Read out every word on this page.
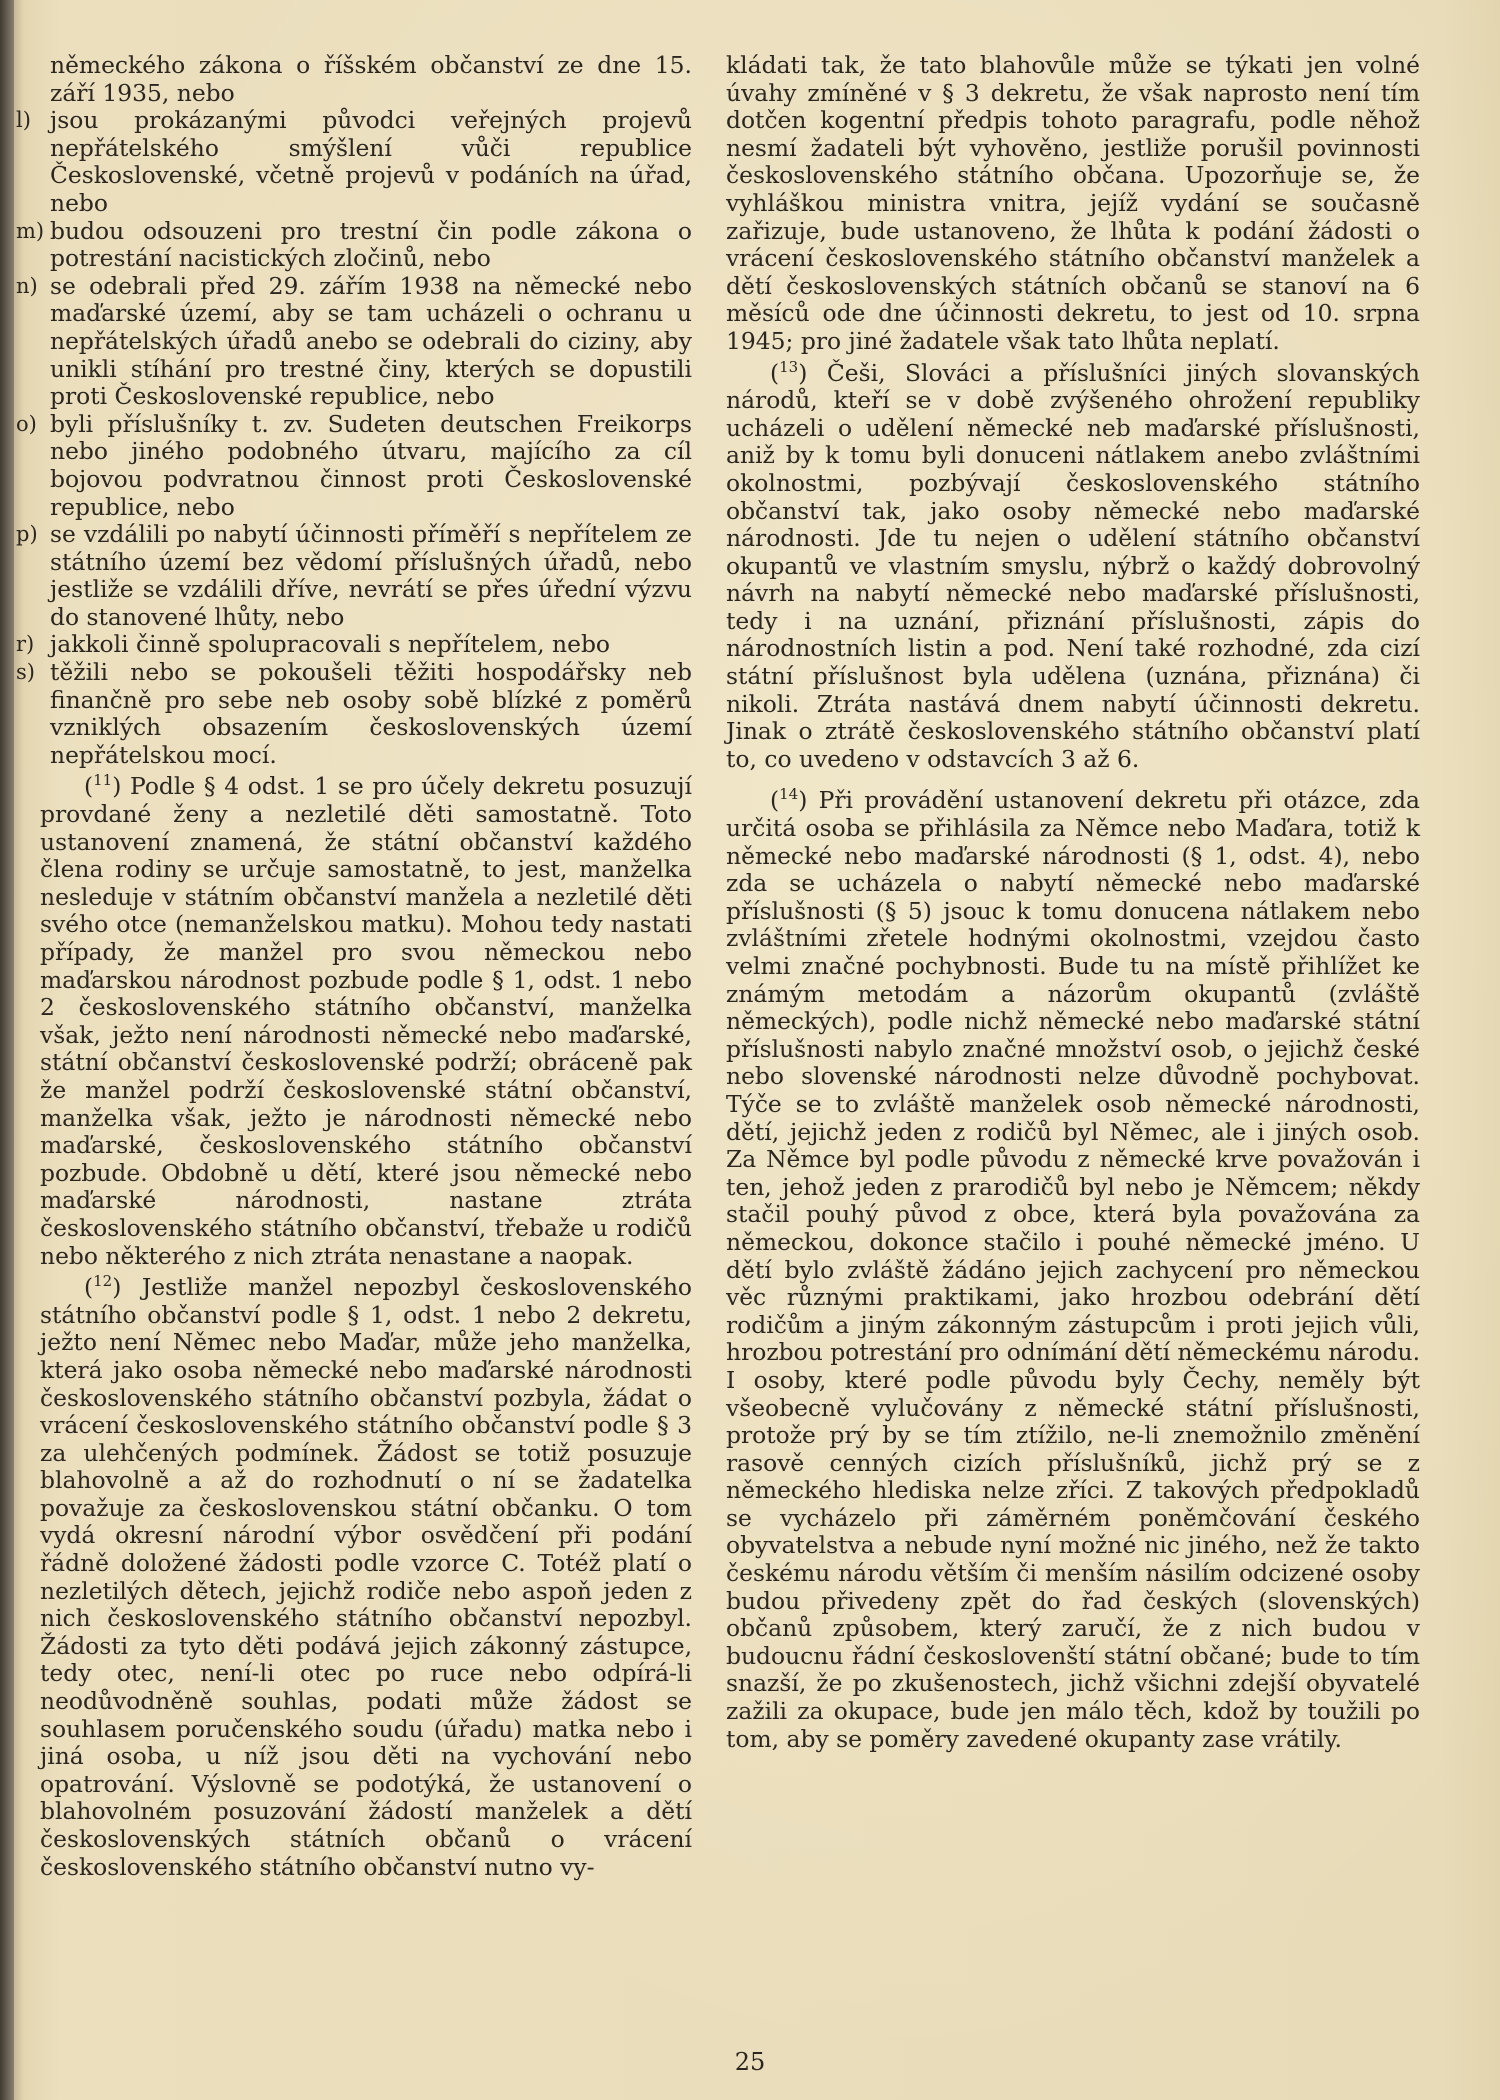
německého zákona o říšském občanství ze dne 15. září 1935, nebo

l) jsou prokázanými původci veřejných projevů nepřátelského smýšlení vůči republice Československé, včetně projevů v podáních na úřad, nebo
m) budou odsouzeni pro trestní čin podle zákona o potrestání nacistických zločinů, nebo
n) se odebrali před 29. zářím 1938 na německé nebo maďarské území, aby se tam ucházeli o ochranu u nepřátelských úřadů anebo se odebrali do ciziny, aby unikli stíhání pro trestné činy, kterých se dopustili proti Československé republice, nebo
o) byli příslušníky t. zv. Sudeten deutschen Freikorps nebo jiného podobného útvaru, majícího za cíl bojovou podvratnou činnost proti Československé republice, nebo
p) se vzdálili po nabytí účinnosti příměří s nepřítelem ze státního území bez vědomí příslušných úřadů, nebo jestliže se vzdálili dříve, nevrátí se přes úřední výzvu do stanovené lhůty, nebo
r) jakkoli činně spolupracovali s nepřítelem, nebo
s) těžili nebo se pokoušeli těžiti hospodářsky neb finančně pro sebe neb osoby sobě blízké z poměrů vzniklých obsazením československých území nepřátelskou mocí.

($^{11}$) Podle § 4 odst. 1 se pro účely dekretu posuzují provdané ženy a nezletilé děti samostatně. Toto ustanovení znamená, že státní občanství každého člena rodiny se určuje samostatně, to jest, manželka nesleduje v státním občanství manžela a nezletilé děti svého otce (nemanželskou matku). Mohou tedy nastati případy, že manžel pro svou německou nebo maďarskou národnost pozbude podle § 1, odst. 1 nebo 2 československého státního občanství, manželka však, ježto není národnosti německé nebo maďarské, státní občanství československé podrží; obráceně pak že manžel podrží československé státní občanství, manželka však, ježto je národnosti německé nebo maďarské, československého státního občanství pozbude. Obdobně u dětí, které jsou německé nebo maďarské národnosti, nastane ztráta československého státního občanství, třebaže u rodičů nebo některého z nich ztráta nenastane a naopak.

($^{12}$) Jestliže manžel nepozbyl československého státního občanství podle § 1, odst. 1 nebo 2 dekretu, ježto není Němec nebo Maďar, může jeho manželka, která jako osoba německé nebo maďarské národnosti československého státního občanství pozbyla, žádat o vrácení československého státního občanství podle § 3 za ulehčených podmínek. Žádost se totiž posuzuje blahovolně a až do rozhodnutí o ní se žadatelka považuje za československou státní občanku. O tom vydá okresní národní výbor osvědčení při podání řádně doložené žádosti podle vzorce C. Totéž platí o nezletilých dětech, jejichž rodiče nebo aspoň jeden z nich československého státního občanství nepozbyl. Žádosti za tyto děti podává jejich zákonný zástupce, tedy otec, není-li otec po ruce nebo odpírá-li neodůvodněně souhlas, podati může žádost se souhlasem poručenského soudu (úřadu) matka nebo i jiná osoba, u níž jsou děti na vychování nebo opatrování. Výslovně se podotýká, že ustanovení o blahovolném posuzování žádostí manželek a dětí československých státních občanů o vrácení československého státního občanství nutno vy-

kládati tak, že tato blahovůle může se týkati jen volné úvahy zmíněné v § 3 dekretu, že však naprosto není tím dotčen kogentní předpis tohoto paragrafu, podle něhož nesmí žadateli být vyhověno, jestliže porušil povinnosti československého státního občana. Upozorňuje se, že vyhláškou ministra vnitra, jejíž vydání se současně zařizuje, bude ustanoveno, že lhůta k podání žádosti o vrácení československého státního občanství manželek a dětí československých státních občanů se stanoví na 6 měsíců ode dne účinnosti dekretu, to jest od 10. srpna 1945; pro jiné žadatele však tato lhůta neplatí.

($^{13}$) Češi, Slováci a příslušníci jiných slovanských národů, kteří se v době zvýšeného ohrožení republiky ucházeli o udělení německé neb maďarské příslušnosti, aniž by k tomu byli donuceni nátlakem anebo zvláštními okolnostmi, pozbývají československého státního občanství tak, jako osoby německé nebo maďarské národnosti. Jde tu nejen o udělení státního občanství okupantů ve vlastním smyslu, nýbrž o každý dobrovolný návrh na nabytí německé nebo maďarské příslušnosti, tedy i na uznání, přiznání příslušnosti, zápis do národnostních listin a pod. Není také rozhodné, zda cizí státní příslušnost byla udělena (uznána, přiznána) či nikoli. Ztráta nastává dnem nabytí účinnosti dekretu. Jinak o ztrátě československého státního občanství platí to, co uvedeno v odstavcích 3 až 6.

($^{14}$) Při provádění ustanovení dekretu při otázce, zda určitá osoba se přihlásila za Němce nebo Maďara, totiž k německé nebo maďarské národnosti (§ 1, odst. 4), nebo zda se ucházela o nabytí německé nebo maďarské příslušnosti (§ 5) jsouc k tomu donucena nátlakem nebo zvláštními zřetele hodnými okolnostmi, vzejdou často velmi značné pochybnosti. Bude tu na místě přihlížet ke známým metodám a názorům okupantů (zvláště německých), podle nichž německé nebo maďarské státní příslušnosti nabylo značné množství osob, o jejichž české nebo slovenské národnosti nelze důvodně pochybovat. Týče se to zvláště manželek osob německé národnosti, dětí, jejichž jeden z rodičů byl Němec, ale i jiných osob. Za Němce byl podle původu z německé krve považován i ten, jehož jeden z prarodičů byl nebo je Němcem; někdy stačil pouhý původ z obce, která byla považována za německou, dokonce stačilo i pouhé německé jméno. U dětí bylo zvláště žádáno jejich zachycení pro německou věc různými praktikami, jako hrozbou odebrání dětí rodičům a jiným zákonným zástupcům i proti jejich vůli, hrozbou potrestání pro odnímání dětí německému národu. I osoby, které podle původu byly Čechy, neměly být všeobecně vylučovány z německé státní příslušnosti, protože prý by se tím ztížilo, ne-li znemožnilo změnění rasově cenných cizích příslušníků, jichž prý se z německého hlediska nelze zříci. Z takových předpokladů se vycházelo při záměrném poněmčování českého obyvatelstva a nebude nyní možné nic jiného, než že takto českému národu větším či menším násilím odcizené osoby budou přivedeny zpět do řad českých (slovenských) občanů způsobem, který zaručí, že z nich budou v budoucnu řádní českoslovenští státní občané; bude to tím snazší, že po zkušenostech, jichž všichni zdejší obyvatelé zažili za okupace, bude jen málo těch, kdož by toužili po tom, aby se poměry zavedené okupanty zase vrátily.

25
